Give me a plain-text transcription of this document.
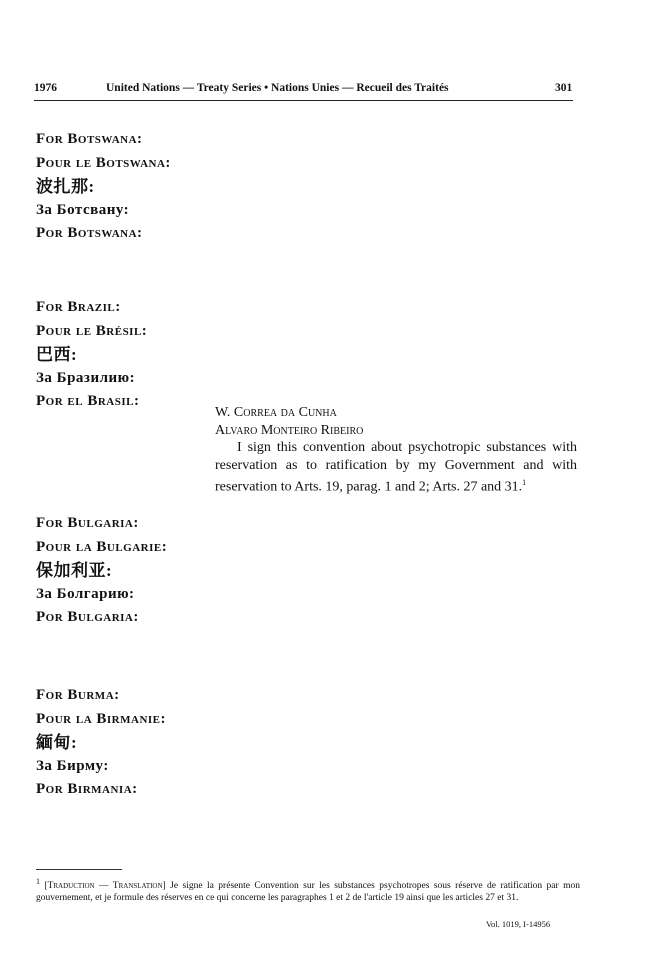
1976	United Nations — Treaty Series • Nations Unies — Recueil des Traités	301
For Botswana:
Pour le Botswana:
波扎那:
За Ботсвану:
Por Botswana:
For Brazil:
Pour le Brésil:
巴西:
За Бразилию:
Por el Brasil:
W. Correa da Cunha
Alvaro Monteiro Ribeiro
I sign this convention about psychotropic substances with reservation as to ratification by my Government and with reservation to Arts. 19, parag. 1 and 2; Arts. 27 and 31.$^1$
For Bulgaria:
Pour la Bulgarie:
保加利亚:
За Болгарию:
Por Bulgaria:
For Burma:
Pour la Birmanie:
緬甸:
За Бирму:
Por Birmania:
$^1$ [Traduction — Translation] Je signe la présente Convention sur les substances psychotropes sous réserve de ratification par mon gouvernement, et je formule des réserves en ce qui concerne les paragraphes 1 et 2 de l'article 19 ainsi que les articles 27 et 31.
Vol. 1019, I-14956
